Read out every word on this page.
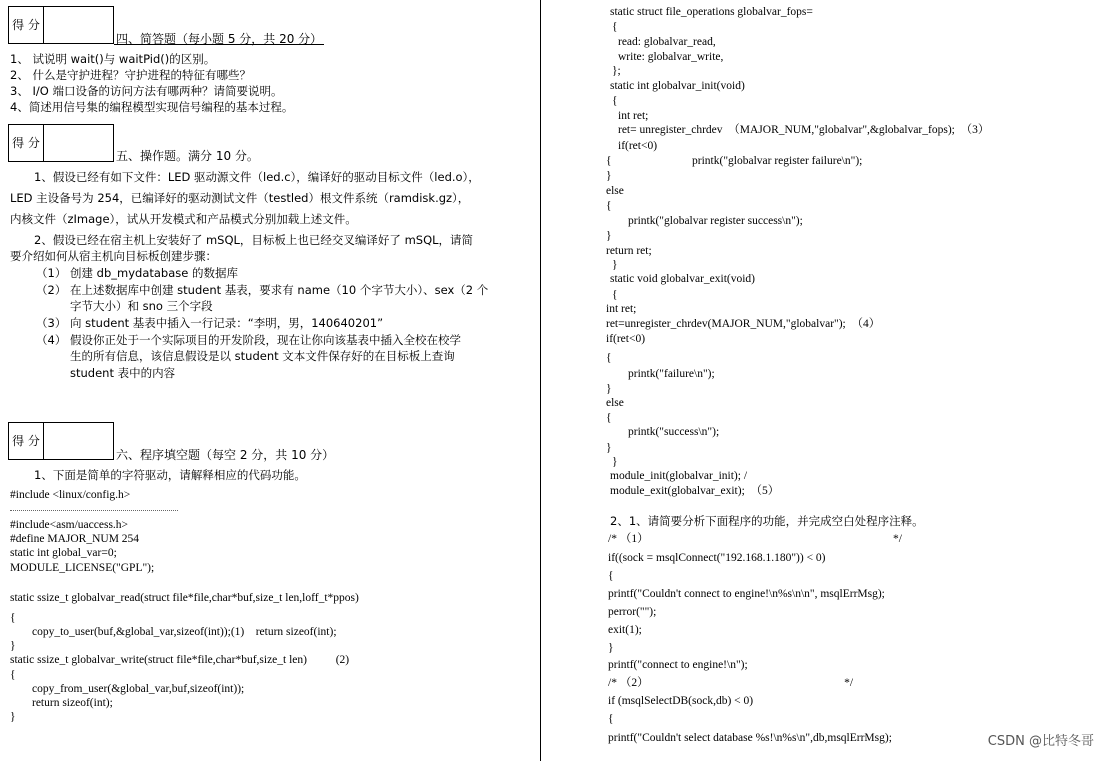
得 分
四、简答题（每小题 5 分，共 20 分）
1、 试说明 wait()与 waitPid()的区别。
2、 什么是守护进程？守护进程的特征有哪些？
3、 I/O 端口设备的访问方法有哪两种？请简要说明。
4、简述用信号集的编程模型实现信号编程的基本过程。
得 分
五、操作题。满分 10 分。
1、假设已经有如下文件：LED 驱动源文件（led.c），编译好的驱动目标文件（led.o），
LED 主设备号为 254，已编译好的驱动测试文件（testled）根文件系统（ramdisk.gz），
内核文件（zImage），试从开发模式和产品模式分别加载上述文件。
2、假设已经在宿主机上安装好了 mSQL，目标板上也已经交叉编译好了 mSQL，请简
要介绍如何从宿主机向目标板创建步骤：
（1） 创建 db_mydatabase 的数据库
（2） 在上述数据库中创建 student 基表，要求有 name（10 个字节大小）、sex（2 个
字节大小）和 sno 三个字段
（3） 向 student 基表中插入一行记录：“李明，男，140640201”
（4） 假设你正处于一个实际项目的开发阶段，现在让你向该基表中插入全校在校学
生的所有信息，该信息假设是以 student 文本文件保存好的在目标板上查询
student 表中的内容
得 分
六、程序填空题（每空 2 分，共 10 分）
1、下面是简单的字符驱动，请解释相应的代码功能。
#include <linux/config.h>
#include<asm/uaccess.h>
#define MAJOR_NUM 254
static int global_var=0;
MODULE_LICENSE("GPL");
static ssize_t globalvar_read(struct file*file,char*buf,size_t len,loff_t*ppos)
{
copy_to_user(buf,&global_var,sizeof(int));(1)    return sizeof(int);
}
static ssize_t globalvar_write(struct file*file,char*buf,size_t len)          (2)
{
copy_from_user(&global_var,buf,sizeof(int));
return sizeof(int);
}
static struct file_operations globalvar_fops=
{
read: globalvar_read,
write: globalvar_write,
};
static int globalvar_init(void)
{
int ret;
ret= unregister_chrdev  （MAJOR_NUM,"globalvar",&globalvar_fops);  （3）
if(ret<0)
{                            printk("globalvar register failure\n");
}
else
{
printk("globalvar register success\n");
}
return ret;
}
static void globalvar_exit(void)
{
int ret;
ret=unregister_chrdev(MAJOR_NUM,"globalvar");  （4）
if(ret<0)
{
printk("failure\n");
}
else
{
printk("success\n");
}
}
module_init(globalvar_init); /
module_exit(globalvar_exit);  （5）
2、1、请简要分析下面程序的功能，并完成空白处程序注释。
/* （1）                                                                                     */
if((sock = msqlConnect("192.168.1.180")) < 0)
{
printf("Couldn't connect to engine!\n%s\n\n", msqlErrMsg);
perror("");
exit(1);
}
printf("connect to engine!\n");
/* （2）                                                                    */
if (msqlSelectDB(sock,db) < 0)
{
printf("Couldn't select database %s!\n%s\n",db,msqlErrMsg);	CSDN @比特冬哥
